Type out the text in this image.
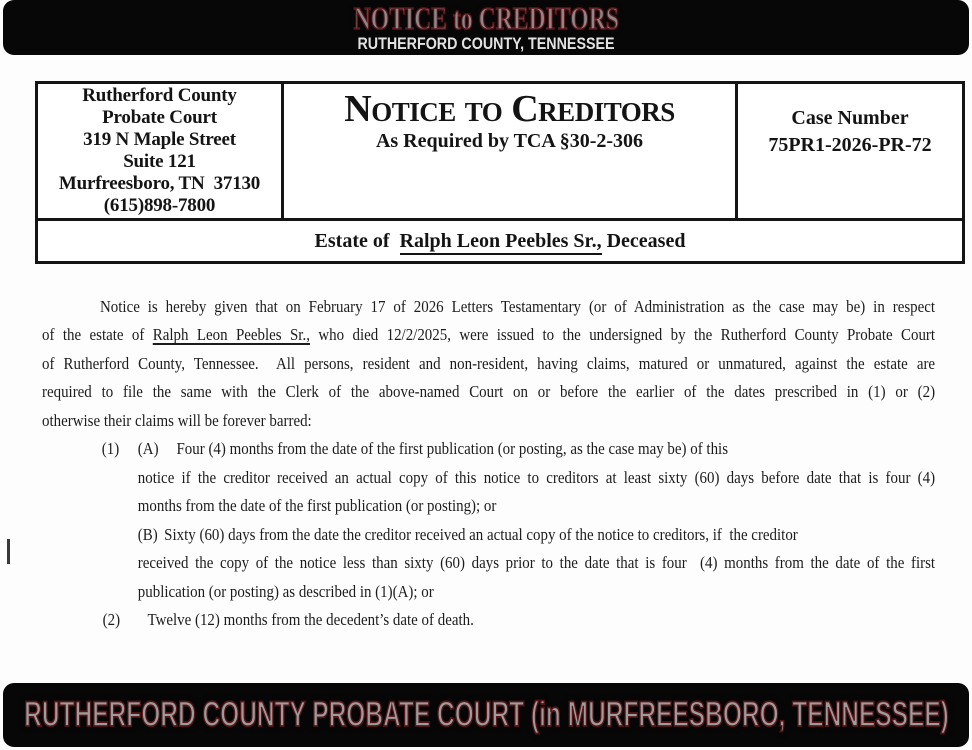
NOTICE to CREDITORS
RUTHERFORD COUNTY, TENNESSEE
Rutherford County
Probate Court
319 N Maple Street
Suite 121
Murfreesboro, TN  37130
(615)898-7800
Notice to Creditors
As Required by TCA §30-2-306
Case Number
75PR1-2026-PR-72
Estate of  Ralph Leon Peebles Sr., Deceased
Notice is hereby given that on February 17 of 2026 Letters Testamentary (or of Administration as the case may be) in respect
of the estate of Ralph Leon Peebles Sr., who died 12/2/2025, were issued to the undersigned by the Rutherford County Probate Court
of Rutherford County, Tennessee.  All persons, resident and non-resident, having claims, matured or unmatured, against the estate are
required to file the same with the Clerk of the above-named Court on or before the earlier of the dates prescribed in (1) or (2)
otherwise their claims will be forever barred:
(1)	(A)	Four (4) months from the date of the first publication (or posting, as the case may be) of this
notice if the creditor received an actual copy of this notice to creditors at least sixty (60) days before date that is four (4)
months from the date of the first publication (or posting); or
(B) Sixty (60) days from the date the creditor received an actual copy of the notice to creditors, if  the creditor
received the copy of the notice less than sixty (60) days prior to the date that is four  (4) months from the date of the first
publication (or posting) as described in (1)(A); or
(2)	Twelve (12) months from the decedent’s date of death.
RUTHERFORD COUNTY PROBATE COURT (in MURFREESBORO, TENNESSEE)
